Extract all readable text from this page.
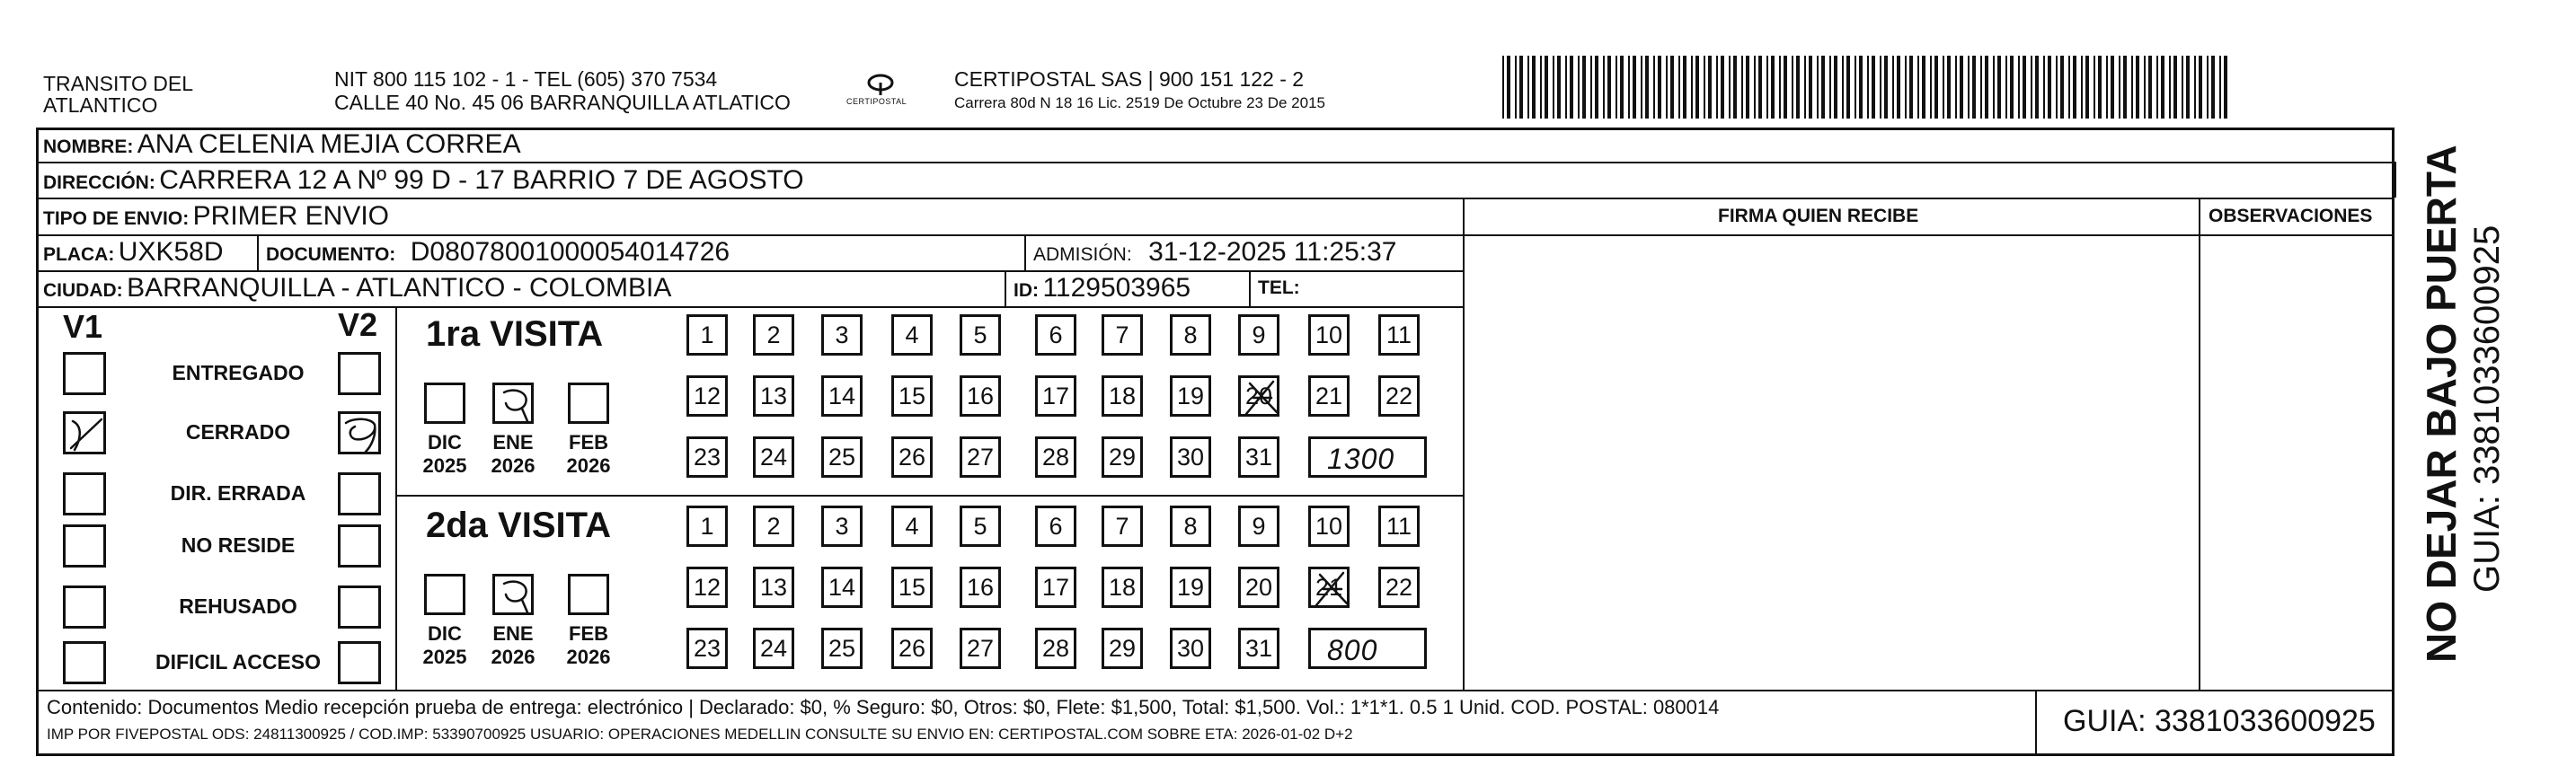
TRANSITO DEL
ATLANTICO
NIT 800 115 102 - 1 - TEL (605) 370 7534
CALLE 40 No. 45 06 BARRANQUILLA ATLATICO	CERTIPOSTAL
CERTIPOSTAL SAS | 900 151 122 - 2
Carrera 80d N 18 16 Lic. 2519 De Octubre 23 De 2015
NOMBRE: ANA CELENIA MEJIA CORREA
DIRECCIÓN: CARRERA 12 A Nº 99 D - 17 BARRIO 7 DE AGOSTO
TIPO DE ENVIO: PRIMER ENVIO	FIRMA QUIEN RECIBE	OBSERVACIONES
PLACA: UXK58D DOCUMENTO: D08078001000054014726	ADMISIÓN: 31-12-2025 11:25:37
CIUDAD: BARRANQUILLA - ATLANTICO - COLOMBIA	ID: 1129503965	TEL:
V1	V2
ENTREGADO
CERRADO
DIR. ERRADA
NO RESIDE
REHUSADO
DIFICIL ACCESO
1ra VISITA
2da VISITA
DIC
2025
ENE
2026
FEB
2026
1	2	3	4	5	6	7	8	9	10	11
12 13 14 15 16 17 18 19 20 21 22
23 24 25 26 27 28 29 30 31 1300
DIC
2025
ENE
2026
FEB
2026
1	2	3	4	5	6	7	8	9	10	11
12 13 14 15 16 17 18 19 20 21 22
23 24 25 26 27 28 29 30 31 800
Contenido: Documentos Medio recepción prueba de entrega: electrónico | Declarado: $0, % Seguro: $0, Otros: $0, Flete: $1,500, Total: $1,500. Vol.: 1*1*1. 0.5 1 Unid. COD. POSTAL: 080014
IMP POR FIVEPOSTAL ODS: 24811300925 / COD.IMP: 53390700925 USUARIO: OPERACIONES MEDELLIN CONSULTE SU ENVIO EN: CERTIPOSTAL.COM SOBRE ETA: 2026-01-02 D+2	GUIA: 3381033600925
NO DEJAR BAJO PUERTA GUIA: 3381033600925
